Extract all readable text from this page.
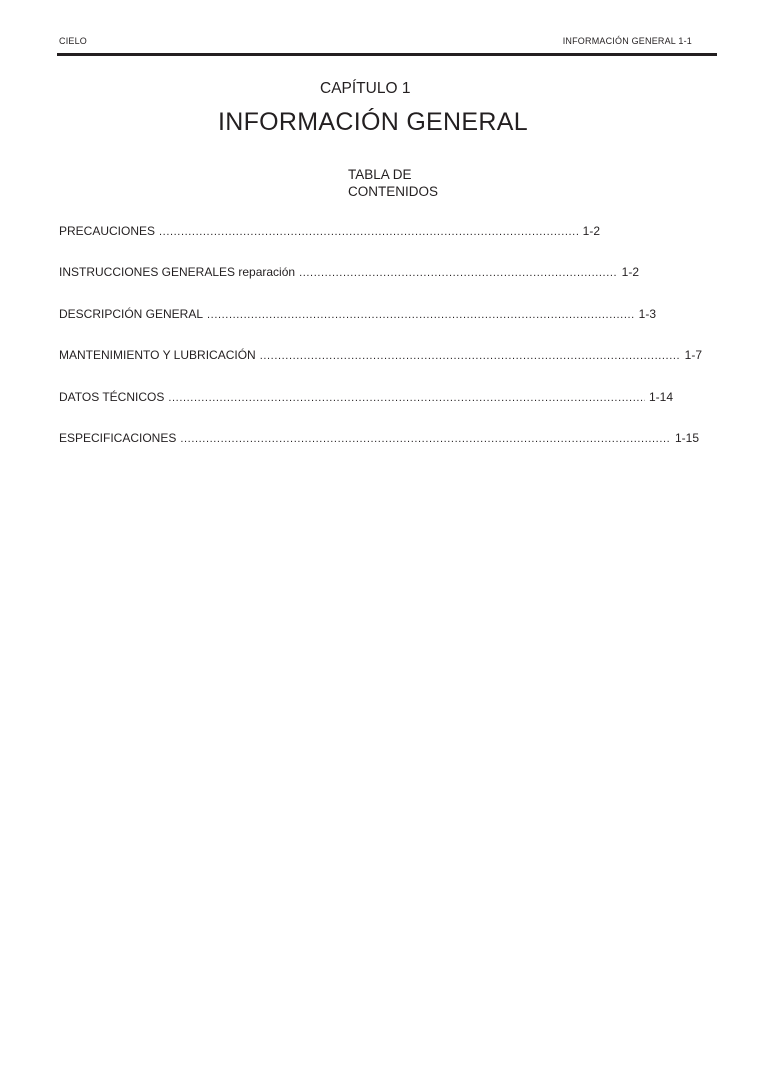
CIELO	INFORMACIÓN GENERAL 1-1
CAPÍTULO 1
INFORMACIÓN GENERAL
TABLA DE
CONTENIDOS
PRECAUCIONES .....	1-2
INSTRUCCIONES GENERALES reparación .....	1-2
DESCRIPCIÓN GENERAL .....	1-3
MANTENIMIENTO Y LUBRICACIÓN .....	1-7
DATOS TÉCNICOS .....	1-14
ESPECIFICACIONES .....	1-15
